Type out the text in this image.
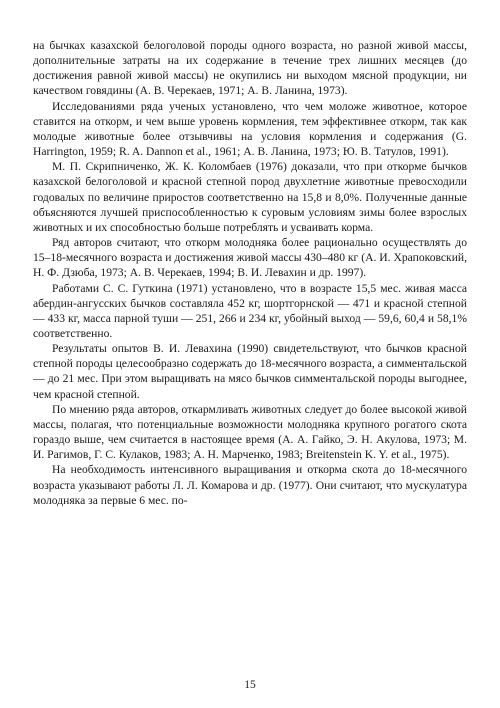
на бычках казахской белоголовой породы одного возраста, но разной живой массы, дополнительные затраты на их содержание в течение трех лишних месяцев (до достижения равной живой массы) не окупились ни выходом мясной продукции, ни качеством говядины (А. В. Черекаев, 1971; А. В. Ланина, 1973).

Исследованиями ряда ученых установлено, что чем моложе животное, которое ставится на откорм, и чем выше уровень кормления, тем эффективнее откорм, так как молодые животные более отзывчивы на условия кормления и содержания (G. Harrington, 1959; R. A. Dannon et al., 1961; А. В. Ланина, 1973; Ю. В. Татулов, 1991).

М. П. Скрипниченко, Ж. К. Коломбаев (1976) доказали, что при откорме бычков казахской белоголовой и красной степной пород двухлетние животные превосходили годовалых по величине приростов соответственно на 15,8 и 8,0%. Полученные данные объясняются лучшей приспособленностью к суровым условиям зимы более взрослых животных и их способностью больше потреблять и усваивать корма.

Ряд авторов считают, что откорм молодняка более рационально осуществлять до 15–18-месячного возраста и достижения живой массы 430–480 кг (А. И. Храпоковский, Н. Ф. Дзюба, 1973; А. В. Черекаев, 1994; В. И. Левахин и др. 1997).

Работами С. С. Гуткина (1971) установлено, что в возрасте 15,5 мес. живая масса абердин-ангусских бычков составляла 452 кг, шортгорнской — 471 и красной степной — 433 кг, масса парной туши — 251, 266 и 234 кг, убойный выход — 59,6, 60,4 и 58,1% соответственно.

Результаты опытов В. И. Левахина (1990) свидетельствуют, что бычков красной степной породы целесообразно содержать до 18-месячного возраста, а симментальской — до 21 мес. При этом выращивать на мясо бычков симментальской породы выгоднее, чем красной степной.

По мнению ряда авторов, откармливать животных следует до более высокой живой массы, полагая, что потенциальные возможности молодняка крупного рогатого скота гораздо выше, чем считается в настоящее время (А. А. Гайко, Э. Н. Акулова, 1973; М. И. Рагимов, Г. С. Кулаков, 1983; А. Н. Марченко, 1983; Breitenstein K. Y. et al., 1975).

На необходимость интенсивного выращивания и откорма скота до 18-месячного возраста указывают работы Л. Л. Комарова и др. (1977). Они считают, что мускулатура молодняка за первые 6 мес. по-

15
